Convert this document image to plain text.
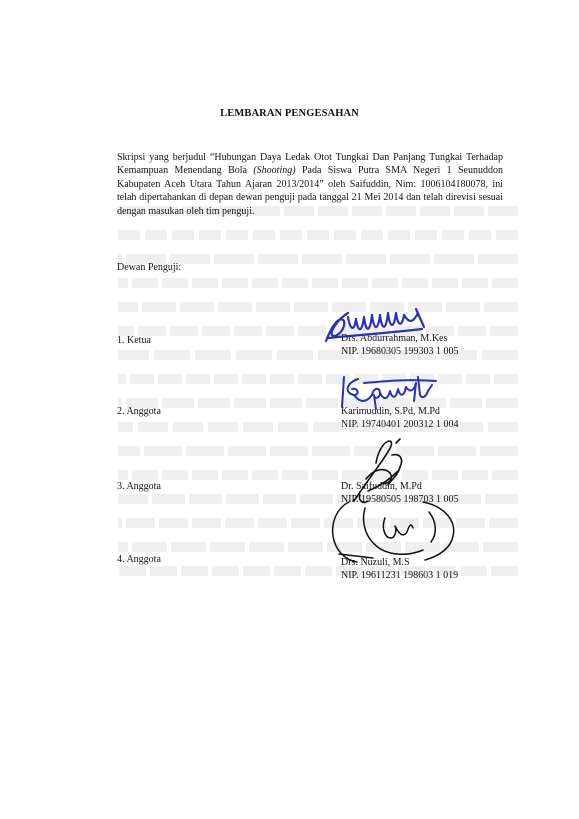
LEMBARAN PENGESAHAN

Skripsi yang berjudul “Hubungan Daya Ledak Otot Tungkai Dan Panjang Tungkai Terhadap Kemampuan Menendang Bola (Shooting) Pada Siswa Putra SMA Negeri 1 Seunuddon Kabupaten Aceh Utara Tahun Ajaran 2013/2014” oleh Saifuddin, Nim: 1006104180078, ini telah dipertahankan di depan dewan penguji pada tanggal 21 Mei 2014 dan telah direvisi sesuai dengan masukan oleh tim penguji.

Dewan Penguji:
1. Ketua	Drs. Abdurrahman, M.Kes
NIP. 19680305 199303 1 005
2. Anggota	Karimuddin, S.Pd, M.Pd
NIP. 19740401 200312 1 004
3. Anggota	Dr. Saifuddin, M.Pd
NIP. 19580505 198703 1 005
4. Anggota	Drs. Nuzuli, M.S
NIP. 19611231 198603 1 019
